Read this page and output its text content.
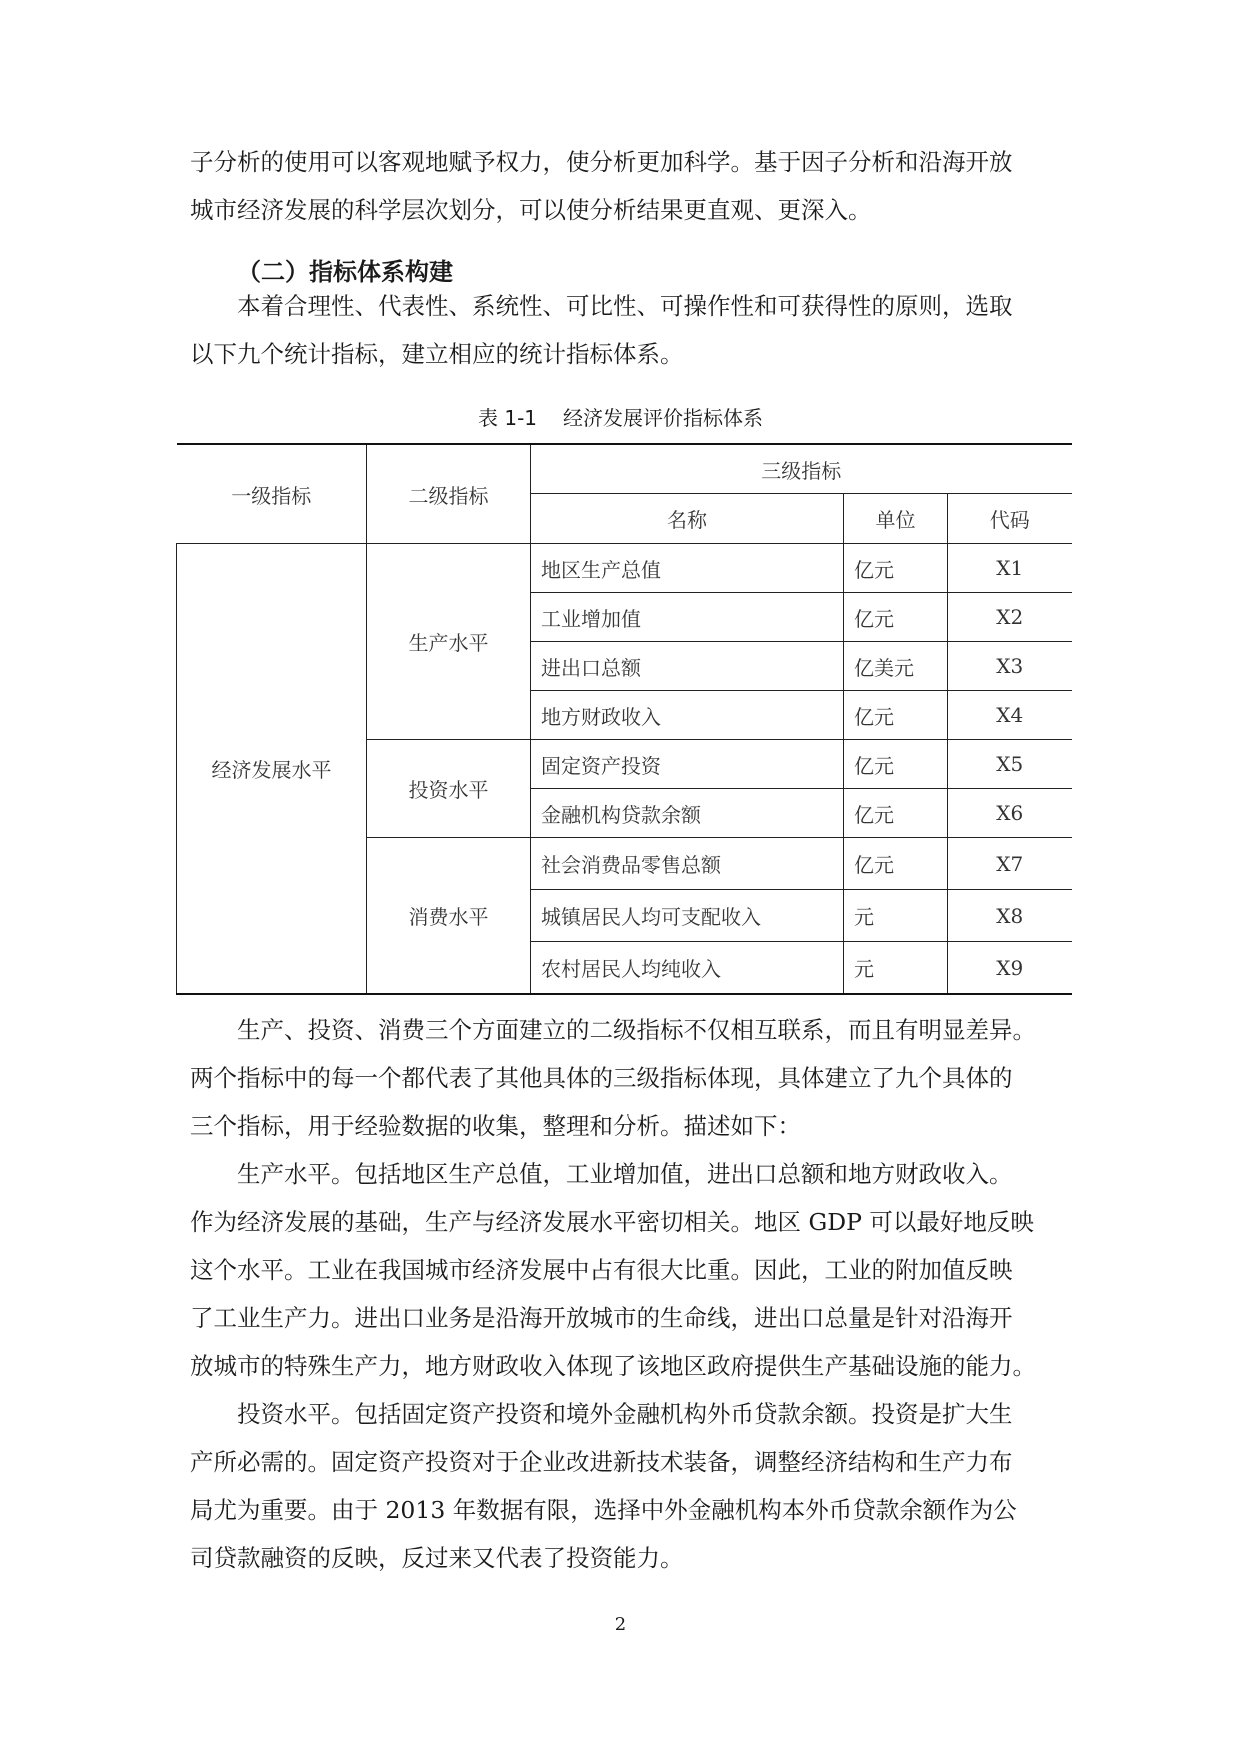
子分析的使用可以客观地赋予权力，使分析更加科学。基于因子分析和沿海开放
城市经济发展的科学层次划分，可以使分析结果更直观、更深入。
（二）指标体系构建
本着合理性、代表性、系统性、可比性、可操作性和可获得性的原则，选取
以下九个统计指标，建立相应的统计指标体系。
表 1-1 经济发展评价指标体系
一级指标	二级指标	三级指标		
		名称	单位	代码
经济发展水平	生产水平	地区生产总值	亿元	X1
		工业增加值	亿元	X2
		进出口总额	亿美元	X3
		地方财政收入	亿元	X4
	投资水平	固定资产投资	亿元	X5
		金融机构贷款余额	亿元	X6
	消费水平	社会消费品零售总额	亿元	X7
		城镇居民人均可支配收入	元	X8
		农村居民人均纯收入	元	X9
生产、投资、消费三个方面建立的二级指标不仅相互联系，而且有明显差异。
两个指标中的每一个都代表了其他具体的三级指标体现，具体建立了九个具体的
三个指标，用于经验数据的收集，整理和分析。描述如下：
生产水平。包括地区生产总值，工业增加值，进出口总额和地方财政收入。
作为经济发展的基础，生产与经济发展水平密切相关。地区 GDP 可以最好地反映
这个水平。工业在我国城市经济发展中占有很大比重。因此，工业的附加值反映
了工业生产力。进出口业务是沿海开放城市的生命线，进出口总量是针对沿海开
放城市的特殊生产力，地方财政收入体现了该地区政府提供生产基础设施的能力。
投资水平。包括固定资产投资和境外金融机构外币贷款余额。投资是扩大生
产所必需的。固定资产投资对于企业改进新技术装备，调整经济结构和生产力布
局尤为重要。由于 2013 年数据有限，选择中外金融机构本外币贷款余额作为公
司贷款融资的反映，反过来又代表了投资能力。
2
